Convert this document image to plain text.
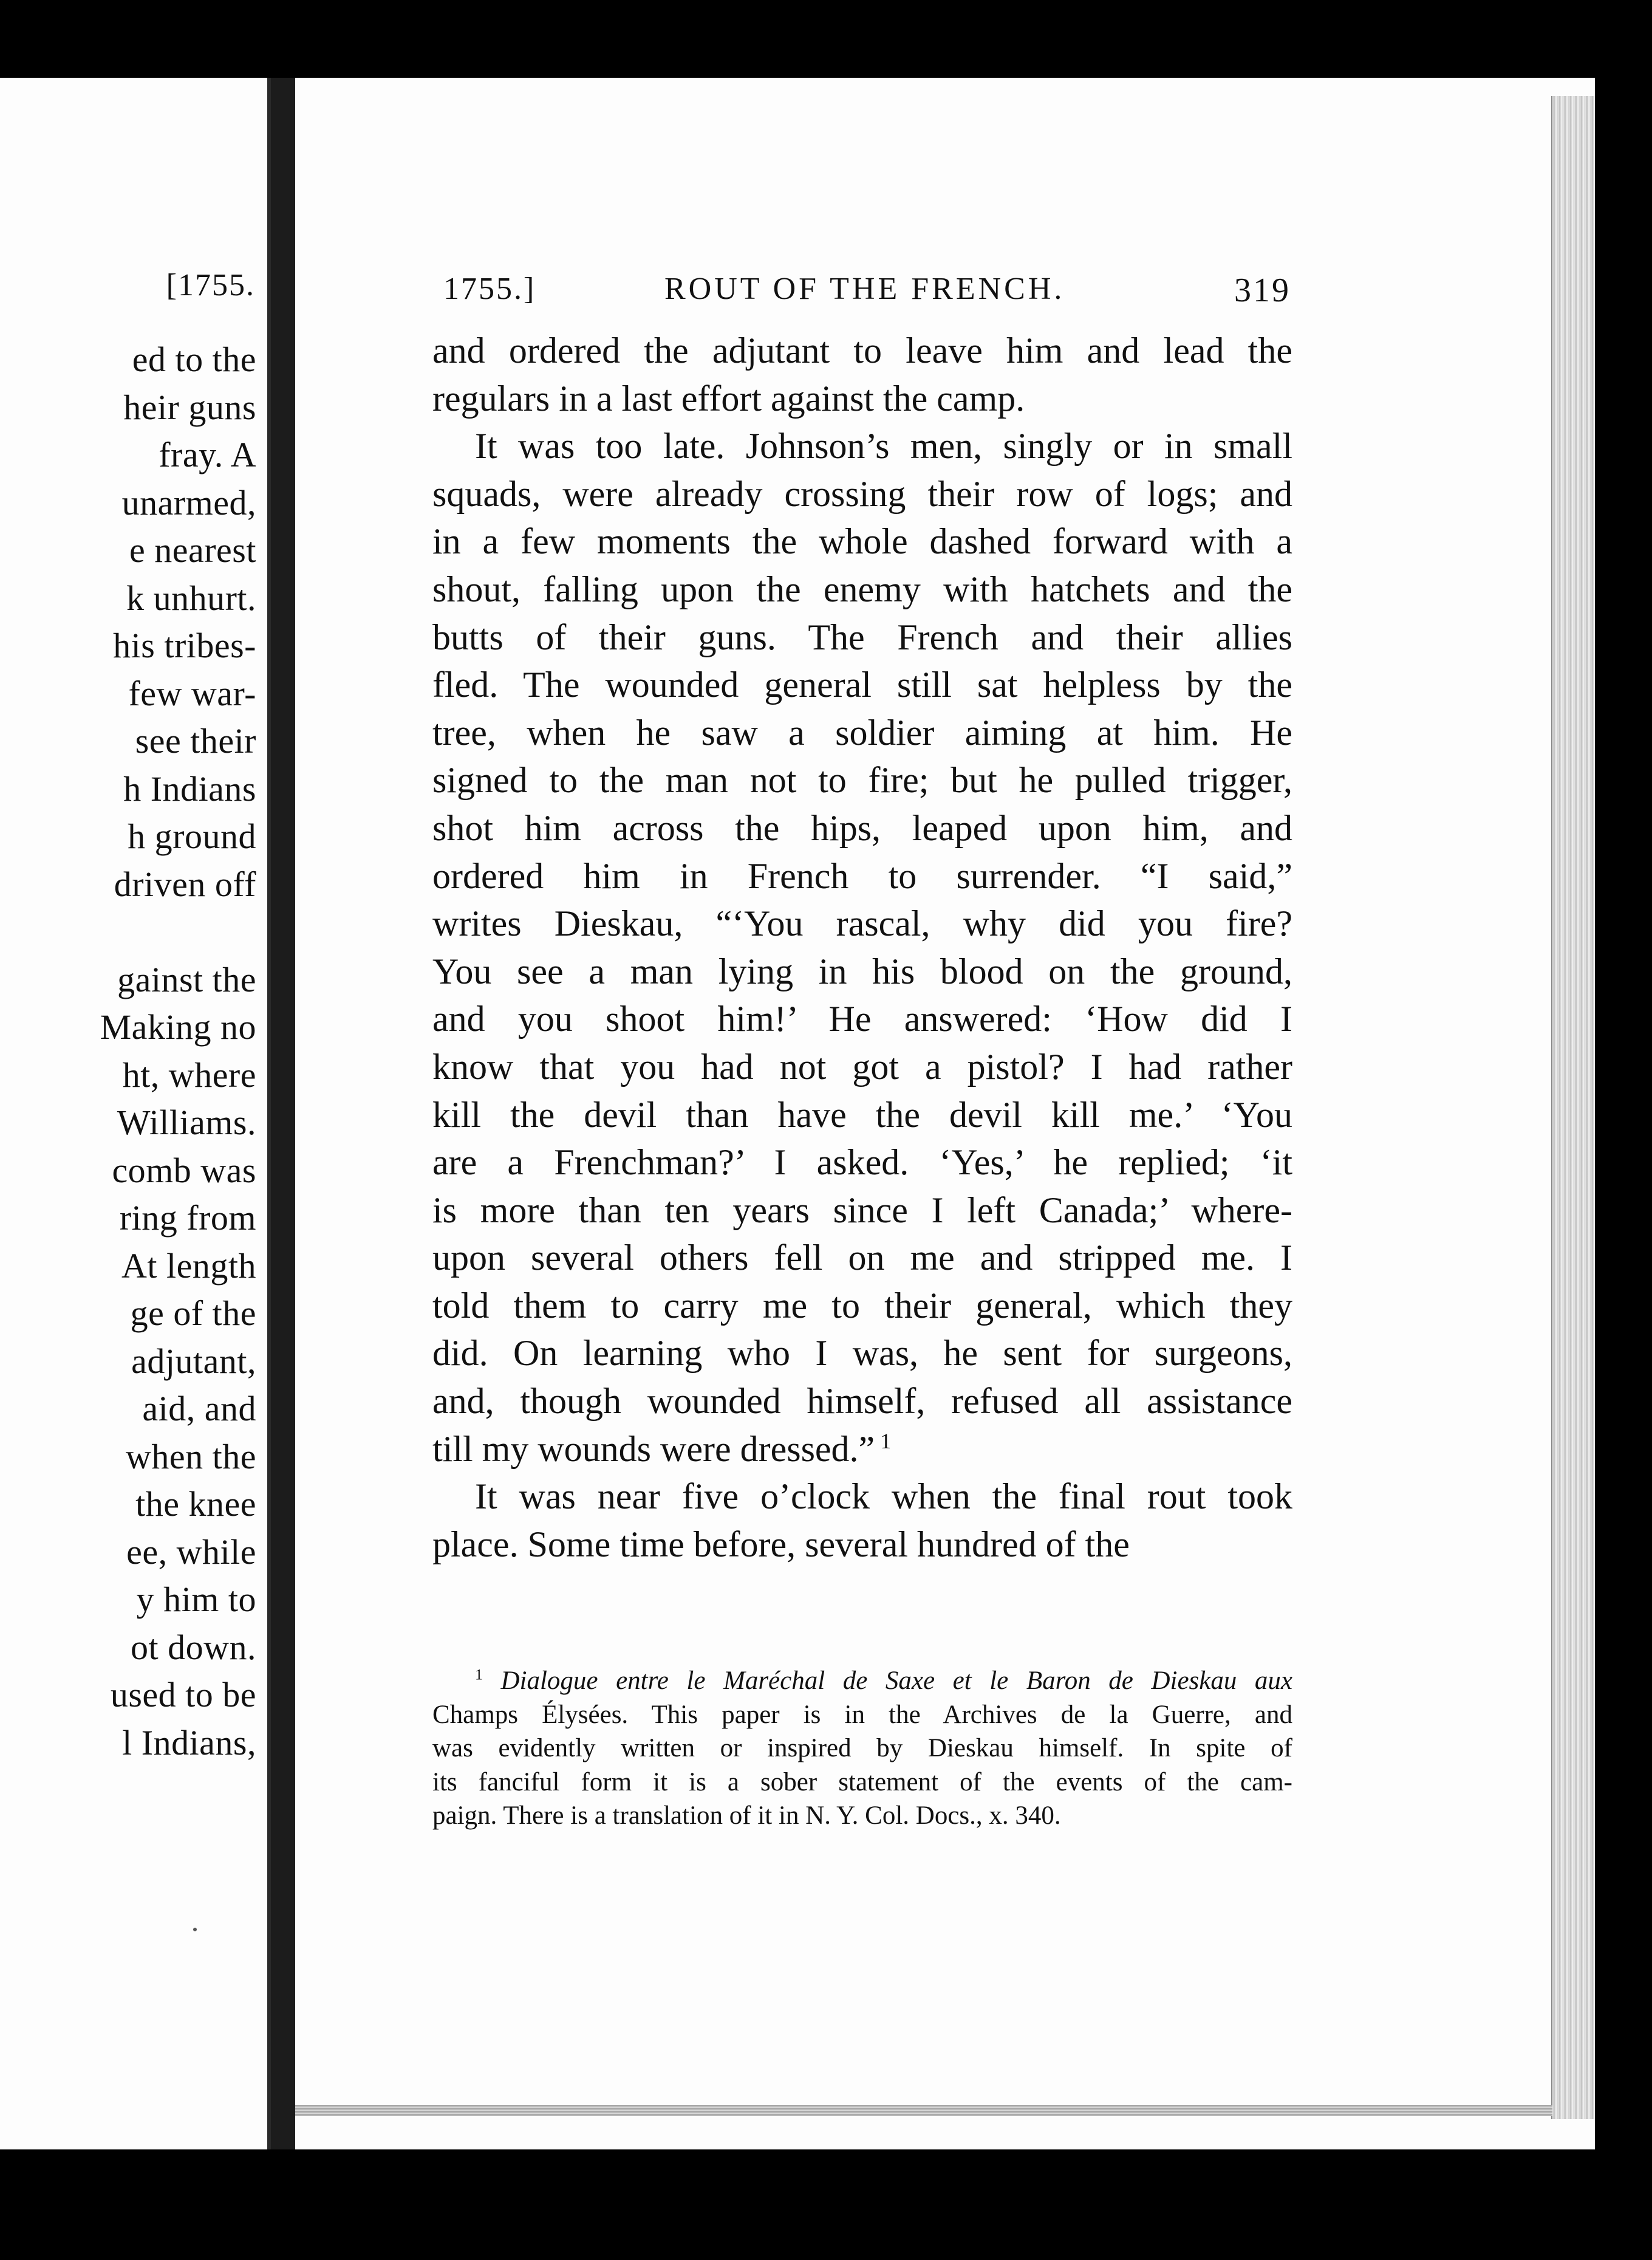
[1755.
ed to the
heir guns
fray. A
unarmed,
e nearest
k unhurt.
his tribes-
few war-
see their
h Indians
h ground
driven off
gainst the
Making no
ht, where
Williams.
comb was
ring from
At length
ge of the
adjutant,
aid, and
when the
the knee
ee, while
y him to
ot down.
used to be
l Indians,
1755.]	ROUT OF THE FRENCH.	319
and ordered the adjutant to leave him and lead the
regulars in a last effort against the camp.
It was too late. Johnson’s men, singly or in small
squads, were already crossing their row of logs; and
in a few moments the whole dashed forward with a
shout, falling upon the enemy with hatchets and the
butts of their guns. The French and their allies
fled. The wounded general still sat helpless by the
tree, when he saw a soldier aiming at him. He
signed to the man not to fire; but he pulled trigger,
shot him across the hips, leaped upon him, and
ordered him in French to surrender. “I said,”
writes Dieskau, “‘You rascal, why did you fire?
You see a man lying in his blood on the ground,
and you shoot him!’ He answered: ‘How did I
know that you had not got a pistol? I had rather
kill the devil than have the devil kill me.’ ‘You
are a Frenchman?’ I asked. ‘Yes,’ he replied; ‘it
is more than ten years since I left Canada;’ where-
upon several others fell on me and stripped me. I
told them to carry me to their general, which they
did. On learning who I was, he sent for surgeons,
and, though wounded himself, refused all assistance
till my wounds were dressed.” $^1$
It was near five o’clock when the final rout took
place. Some time before, several hundred of the
$^1$ Dialogue entre le Maréchal de Saxe et le Baron de Dieskau aux
Champs Élysées. This paper is in the Archives de la Guerre, and
was evidently written or inspired by Dieskau himself. In spite of
its fanciful form it is a sober statement of the events of the cam-
paign. There is a translation of it in N. Y. Col. Docs., x. 340.
